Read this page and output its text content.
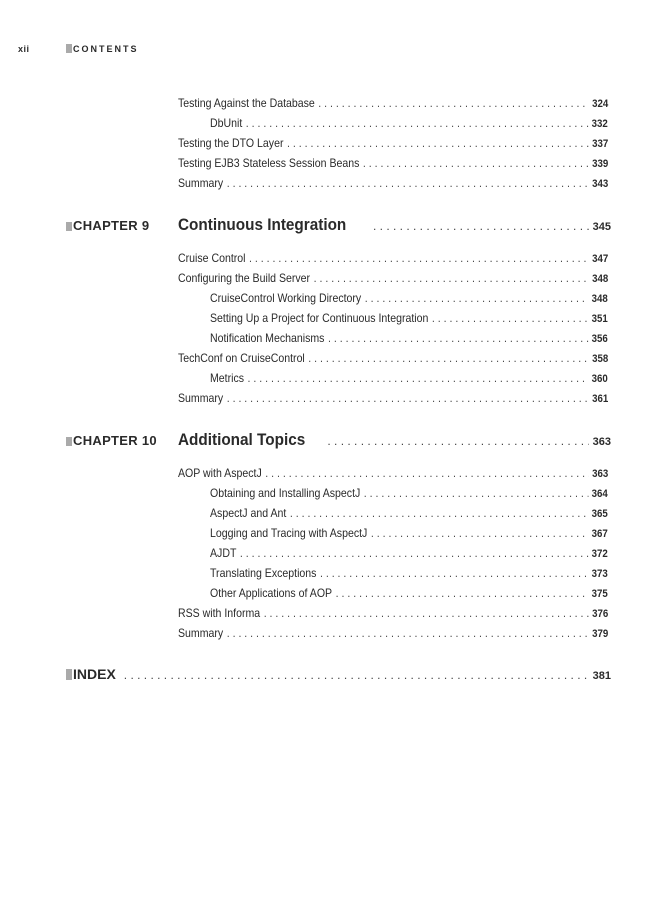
xii	CONTENTS
Testing Against the Database . . .	324
DbUnit . . .	332
Testing the DTO Layer . . .	337
Testing EJB3 Stateless Session Beans . . .	339
Summary . . .	343
CHAPTER 9	Continuous Integration . . .	345
Cruise Control . . .	347
Configuring the Build Server . . .	348
CruiseControl Working Directory . . .	348
Setting Up a Project for Continuous Integration . . .	351
Notification Mechanisms . . .	356
TechConf on CruiseControl . . .	358
Metrics . . .	360
Summary . . .	361
CHAPTER 10	Additional Topics . . .	363
AOP with AspectJ . . .	363
Obtaining and Installing AspectJ . . .	364
AspectJ and Ant . . .	365
Logging and Tracing with AspectJ . . .	367
AJDT . . .	372
Translating Exceptions . . .	373
Other Applications of AOP . . .	375
RSS with Informa . . .	376
Summary . . .	379
INDEX . . .	381
